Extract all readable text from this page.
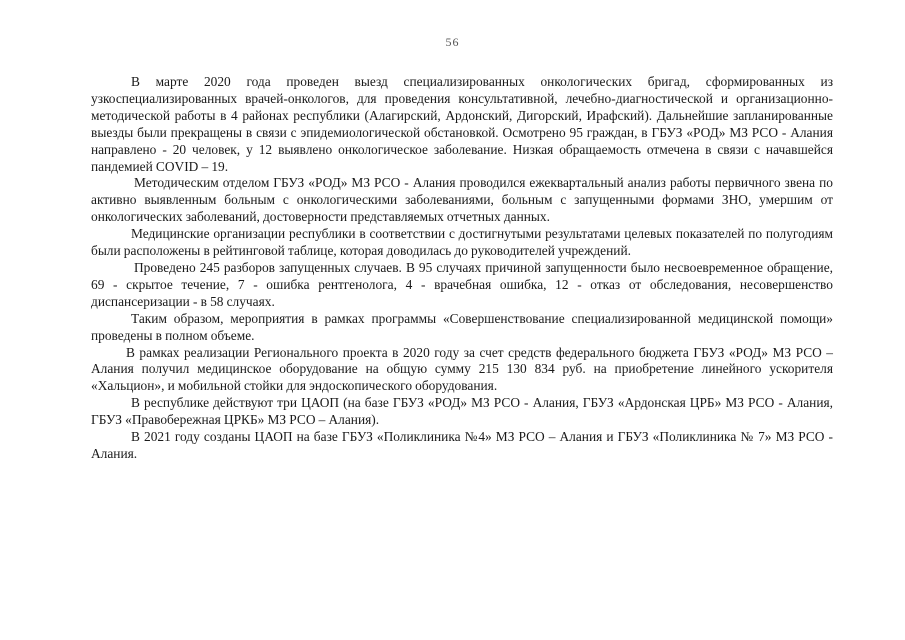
56

В марте 2020 года проведен выезд специализированных онкологических бригад, сформированных из узкоспециализированных врачей-онкологов, для проведения консультативной, лечебно-диагностической и организационно-методической работы в 4 районах республики (Алагирский, Ардонский, Дигорский, Ирафский). Дальнейшие запланированные выезды были прекращены в связи с эпидемиологической обстановкой. Осмотрено 95 граждан, в ГБУЗ «РОД» МЗ РСО - Алания направлено - 20 человек, у 12 выявлено онкологическое заболевание. Низкая обращаемость отмечена в связи с начавшейся пандемией COVID – 19.

Методическим отделом ГБУЗ «РОД» МЗ РСО - Алания проводился ежеквартальный анализ работы первичного звена по активно выявленным больным с онкологическими заболеваниями, больным с запущенными формами ЗНО, умершим от онкологических заболеваний, достоверности представляемых отчетных данных.

Медицинские организации республики в соответствии с достигнутыми результатами целевых показателей по полугодиям были расположены в рейтинговой таблице, которая доводилась до руководителей учреждений.

Проведено 245 разборов запущенных случаев. В 95 случаях причиной запущенности было несвоевременное обращение, 69 - скрытое течение, 7 - ошибка рентгенолога, 4 - врачебная ошибка, 12 - отказ от обследования, несовершенство диспансеризации - в 58 случаях.

Таким образом, мероприятия в рамках программы «Совершенствование специализированной медицинской помощи» проведены в полном объеме.

В рамках реализации Регионального проекта в 2020 году за счет средств федерального бюджета ГБУЗ «РОД» МЗ РСО – Алания получил медицинское оборудование на общую сумму 215 130 834 руб. на приобретение линейного ускорителя «Хальцион», и мобильной стойки для эндоскопического оборудования.

В республике действуют три ЦАОП (на базе ГБУЗ «РОД» МЗ РСО - Алания, ГБУЗ «Ардонская ЦРБ» МЗ РСО - Алания, ГБУЗ «Правобережная ЦРКБ» МЗ РСО – Алания).

В 2021 году созданы ЦАОП на базе ГБУЗ «Поликлиника №4» МЗ РСО – Алания и ГБУЗ «Поликлиника № 7» МЗ РСО - Алания.
